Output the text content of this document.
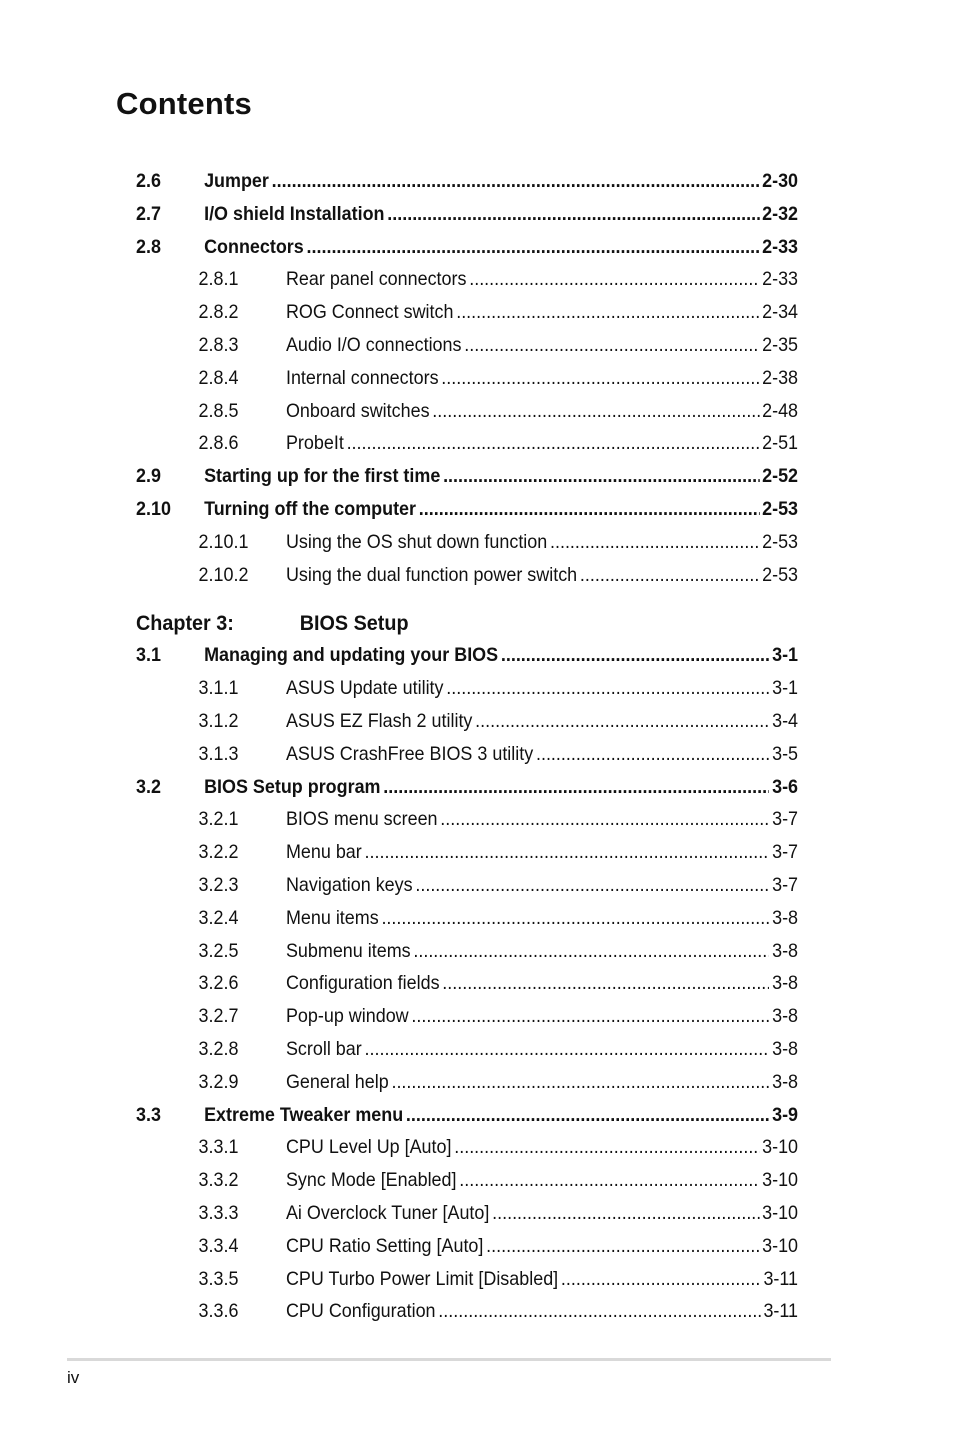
Contents
2.6 Jumper .....	2-30
2.7 I/O shield Installation .....	2-32
2.8 Connectors .....	2-33
2.8.1 Rear panel connectors .....	2-33
2.8.2 ROG Connect switch .....	2-34
2.8.3 Audio I/O connections .....	2-35
2.8.4 Internal connectors .....	2-38
2.8.5 Onboard switches .....	2-48
2.8.6 ProbeIt .....	2-51
2.9 Starting up for the first time .....	2-52
2.10 Turning off the computer .....	2-53
2.10.1 Using the OS shut down function .....	2-53
2.10.2 Using the dual function power switch .....	2-53
Chapter 3:	BIOS Setup
3.1 Managing and updating your BIOS .....	3-1
3.1.1 ASUS Update utility .....	3-1
3.1.2 ASUS EZ Flash 2 utility .....	3-4
3.1.3 ASUS CrashFree BIOS 3 utility .....	3-5
3.2 BIOS Setup program .....	3-6
3.2.1 BIOS menu screen .....	3-7
3.2.2 Menu bar .....	3-7
3.2.3 Navigation keys .....	3-7
3.2.4 Menu items .....	3-8
3.2.5 Submenu items .....	3-8
3.2.6 Configuration fields .....	3-8
3.2.7 Pop-up window .....	3-8
3.2.8 Scroll bar .....	3-8
3.2.9 General help .....	3-8
3.3 Extreme Tweaker menu .....	3-9
3.3.1 CPU Level Up [Auto] .....	3-10
3.3.2 Sync Mode [Enabled] .....	3-10
3.3.3 Ai Overclock Tuner [Auto] .....	3-10
3.3.4 CPU Ratio Setting [Auto] .....	3-10
3.3.5 CPU Turbo Power Limit [Disabled] .....	3-11
3.3.6 CPU Configuration .....	3-11
iv
